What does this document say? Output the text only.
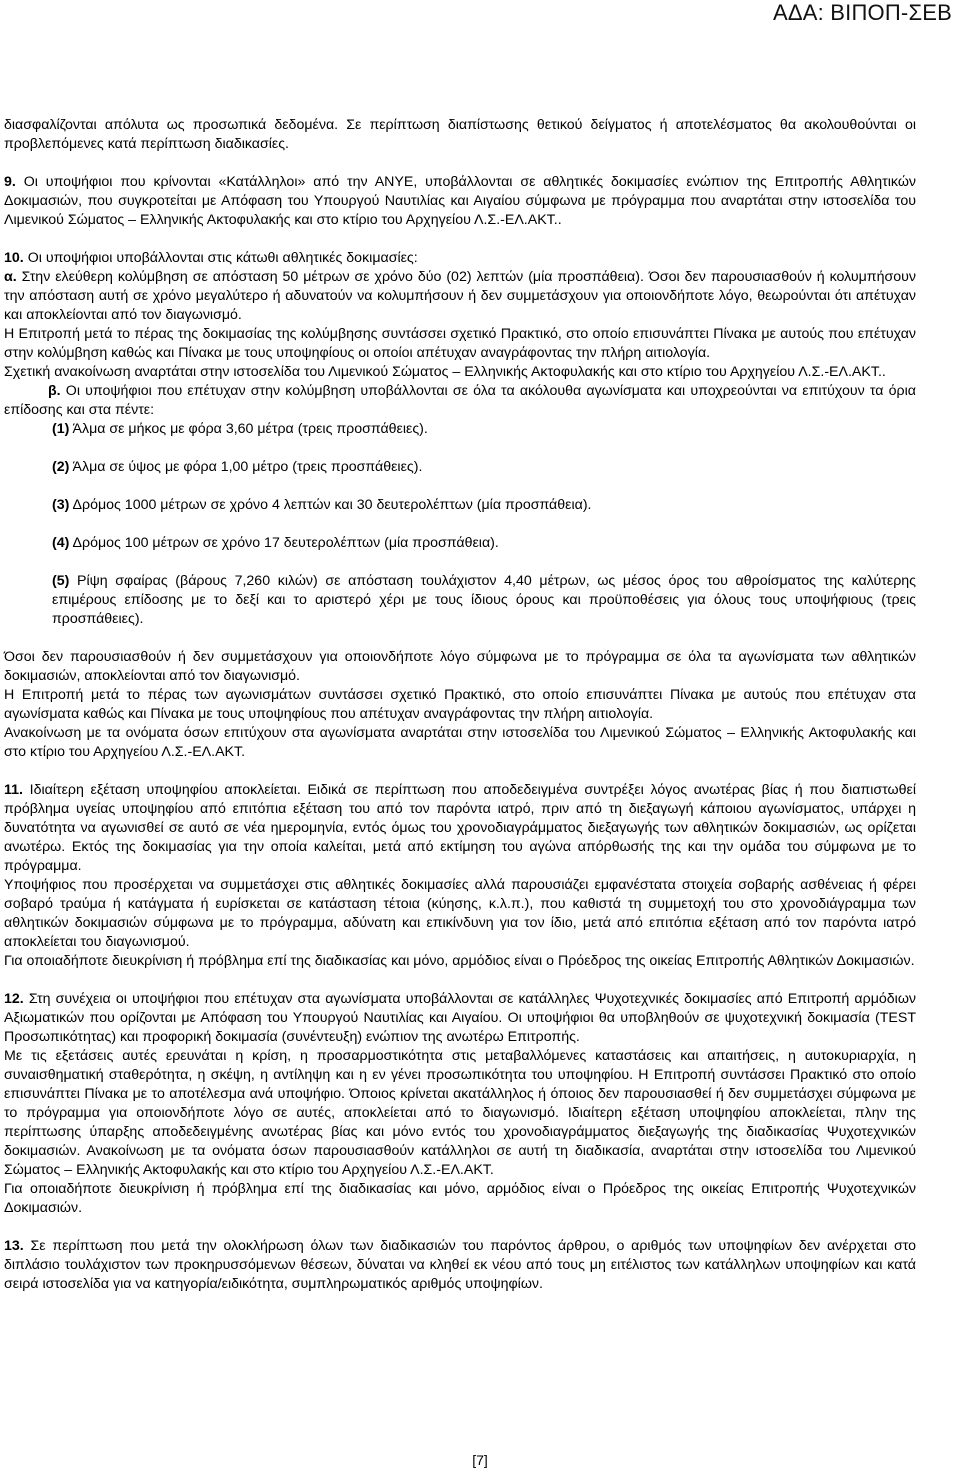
ΑΔΑ: ΒΙΠΟΠ-ΣΕΒ

διασφαλίζονται απόλυτα ως προσωπικά δεδομένα. Σε περίπτωση διαπίστωσης θετικού δείγματος ή αποτελέσματος θα ακολουθούνται οι προβλεπόμενες κατά περίπτωση διαδικασίες.

9. Οι υποψήφιοι που κρίνονται «Κατάλληλοι» από την ΑΝΥΕ, υποβάλλονται σε αθλητικές δοκιμασίες ενώπιον της Επιτροπής Αθλητικών Δοκιμασιών, που συγκροτείται με Απόφαση του Υπουργού Ναυτιλίας και Αιγαίου σύμφωνα με πρόγραμμα που αναρτάται στην ιστοσελίδα του Λιμενικού Σώματος – Ελληνικής Ακτοφυλακής και στο κτίριο του Αρχηγείου Λ.Σ.-ΕΛ.ΑΚΤ..

10. Οι υποψήφιοι υποβάλλονται στις κάτωθι αθλητικές δοκιμασίες:

α. Στην ελεύθερη κολύμβηση σε απόσταση 50 μέτρων σε χρόνο δύο (02) λεπτών (μία προσπάθεια). Όσοι δεν παρουσιασθούν ή κολυμπήσουν την απόσταση αυτή σε χρόνο μεγαλύτερο ή αδυνατούν να κολυμπήσουν ή δεν συμμετάσχουν για οποιονδήποτε λόγο, θεωρούνται ότι απέτυχαν και αποκλείονται από τον διαγωνισμό.

Η Επιτροπή μετά το πέρας της δοκιμασίας της κολύμβησης συντάσσει σχετικό Πρακτικό, στο οποίο επισυνάπτει Πίνακα με αυτούς που επέτυχαν στην κολύμβηση καθώς και Πίνακα με τους υποψηφίους οι οποίοι απέτυχαν αναγράφοντας την πλήρη αιτιολογία.

Σχετική ανακοίνωση αναρτάται στην ιστοσελίδα του Λιμενικού Σώματος – Ελληνικής Ακτοφυλακής και στο κτίριο του Αρχηγείου Λ.Σ.-ΕΛ.ΑΚΤ..

β. Οι υποψήφιοι που επέτυχαν στην κολύμβηση υποβάλλονται σε όλα τα ακόλουθα αγωνίσματα και υποχρεούνται να επιτύχουν τα όρια επίδοσης και στα πέντε:

(1) Άλμα σε μήκος με φόρα 3,60 μέτρα (τρεις προσπάθειες).

(2) Άλμα σε ύψος με φόρα 1,00 μέτρο (τρεις προσπάθειες).

(3) Δρόμος 1000 μέτρων σε χρόνο 4 λεπτών και 30 δευτερολέπτων (μία προσπάθεια).

(4) Δρόμος 100 μέτρων σε χρόνο 17 δευτερολέπτων (μία προσπάθεια).

(5) Ρίψη σφαίρας (βάρους 7,260 κιλών) σε απόσταση τουλάχιστον 4,40 μέτρων, ως μέσος όρος του αθροίσματος της καλύτερης επιμέρους επίδοσης με το δεξί και το αριστερό χέρι με τους ίδιους όρους και προϋποθέσεις για όλους τους υποψήφιους (τρεις προσπάθειες).

Όσοι δεν παρουσιασθούν ή δεν συμμετάσχουν για οποιονδήποτε λόγο σύμφωνα με το πρόγραμμα σε όλα τα αγωνίσματα των αθλητικών δοκιμασιών, αποκλείονται από τον διαγωνισμό.

Η Επιτροπή μετά το πέρας των αγωνισμάτων συντάσσει σχετικό Πρακτικό, στο οποίο επισυνάπτει Πίνακα με αυτούς που επέτυχαν στα αγωνίσματα καθώς και Πίνακα με τους υποψηφίους που απέτυχαν αναγράφοντας την πλήρη αιτιολογία.

Ανακοίνωση με τα ονόματα όσων επιτύχουν στα αγωνίσματα αναρτάται στην ιστοσελίδα του Λιμενικού Σώματος – Ελληνικής Ακτοφυλακής και στο κτίριο του Αρχηγείου Λ.Σ.-ΕΛ.ΑΚΤ.

11. Ιδιαίτερη εξέταση υποψηφίου αποκλείεται. Ειδικά σε περίπτωση που αποδεδειγμένα συντρέξει λόγος ανωτέρας βίας ή που διαπιστωθεί πρόβλημα υγείας υποψηφίου από επιτόπια εξέταση του από τον παρόντα ιατρό, πριν από τη διεξαγωγή κάποιου αγωνίσματος, υπάρχει η δυνατότητα να αγωνισθεί σε αυτό σε νέα ημερομηνία, εντός όμως του χρονοδιαγράμματος διεξαγωγής των αθλητικών δοκιμασιών, ως ορίζεται ανωτέρω. Εκτός της δοκιμασίας για την οποία καλείται, μετά από εκτίμηση του αγώνα απόρθωσής της και την ομάδα του σύμφωνα με το πρόγραμμα.

Υποψήφιος που προσέρχεται να συμμετάσχει στις αθλητικές δοκιμασίες αλλά παρουσιάζει εμφανέστατα στοιχεία σοβαρής ασθένειας ή φέρει σοβαρό τραύμα ή κατάγματα ή ευρίσκεται σε κατάσταση τέτοια (κύησης, κ.λ.π.), που καθιστά τη συμμετοχή του στο χρονοδιάγραμμα των αθλητικών δοκιμασιών σύμφωνα με το πρόγραμμα, αδύνατη και επικίνδυνη για τον ίδιο, μετά από επιτόπια εξέταση από τον παρόντα ιατρό αποκλείεται του διαγωνισμού.

Για οποιαδήποτε διευκρίνιση ή πρόβλημα επί της διαδικασίας και μόνο, αρμόδιος είναι ο Πρόεδρος της οικείας Επιτροπής Αθλητικών Δοκιμασιών.

12. Στη συνέχεια οι υποψήφιοι που επέτυχαν στα αγωνίσματα υποβάλλονται σε κατάλληλες Ψυχοτεχνικές δοκιμασίες από Επιτροπή αρμόδιων Αξιωματικών που ορίζονται με Απόφαση του Υπουργού Ναυτιλίας και Αιγαίου. Οι υποψήφιοι θα υποβληθούν σε ψυχοτεχνική δοκιμασία (TEST Προσωπικότητας) και προφορική δοκιμασία (συνέντευξη) ενώπιον της ανωτέρω Επιτροπής.

Με τις εξετάσεις αυτές ερευνάται η κρίση, η προσαρμοστικότητα στις μεταβαλλόμενες καταστάσεις και απαιτήσεις, η αυτοκυριαρχία, η συναισθηματική σταθερότητα, η σκέψη, η αντίληψη και η εν γένει προσωπικότητα του υποψηφίου. Η Επιτροπή συντάσσει Πρακτικό στο οποίο επισυνάπτει Πίνακα με το αποτέλεσμα ανά υποψήφιο. Όποιος κρίνεται ακατάλληλος ή όποιος δεν παρουσιασθεί ή δεν συμμετάσχει σύμφωνα με το πρόγραμμα για οποιονδήποτε λόγο σε αυτές, αποκλείεται από το διαγωνισμό. Ιδιαίτερη εξέταση υποψηφίου αποκλείεται, πλην της περίπτωσης ύπαρξης αποδεδειγμένης ανωτέρας βίας και μόνο εντός του χρονοδιαγράμματος διεξαγωγής της διαδικασίας Ψυχοτεχνικών δοκιμασιών. Ανακοίνωση με τα ονόματα όσων παρουσιασθούν κατάλληλοι σε αυτή τη διαδικασία, αναρτάται στην ιστοσελίδα του Λιμενικού Σώματος – Ελληνικής Ακτοφυλακής και στο κτίριο του Αρχηγείου Λ.Σ.-ΕΛ.ΑΚΤ.

Για οποιαδήποτε διευκρίνιση ή πρόβλημα επί της διαδικασίας και μόνο, αρμόδιος είναι ο Πρόεδρος της οικείας Επιτροπής Ψυχοτεχνικών Δοκιμασιών.

13. Σε περίπτωση που μετά την ολοκλήρωση όλων των διαδικασιών του παρόντος άρθρου, ο αριθμός των υποψηφίων δεν ανέρχεται στο διπλάσιο τουλάχιστον των προκηρυσσόμενων θέσεων, δύναται να κληθεί εκ νέου από τους μη ειτέλιστος των κατάλληλων υποψηφίων και κατά σειρά ιστοσελίδα για να κατηγορία/ειδικότητα, συμπληρωματικός αριθμός υποψηφίων.

[7]
